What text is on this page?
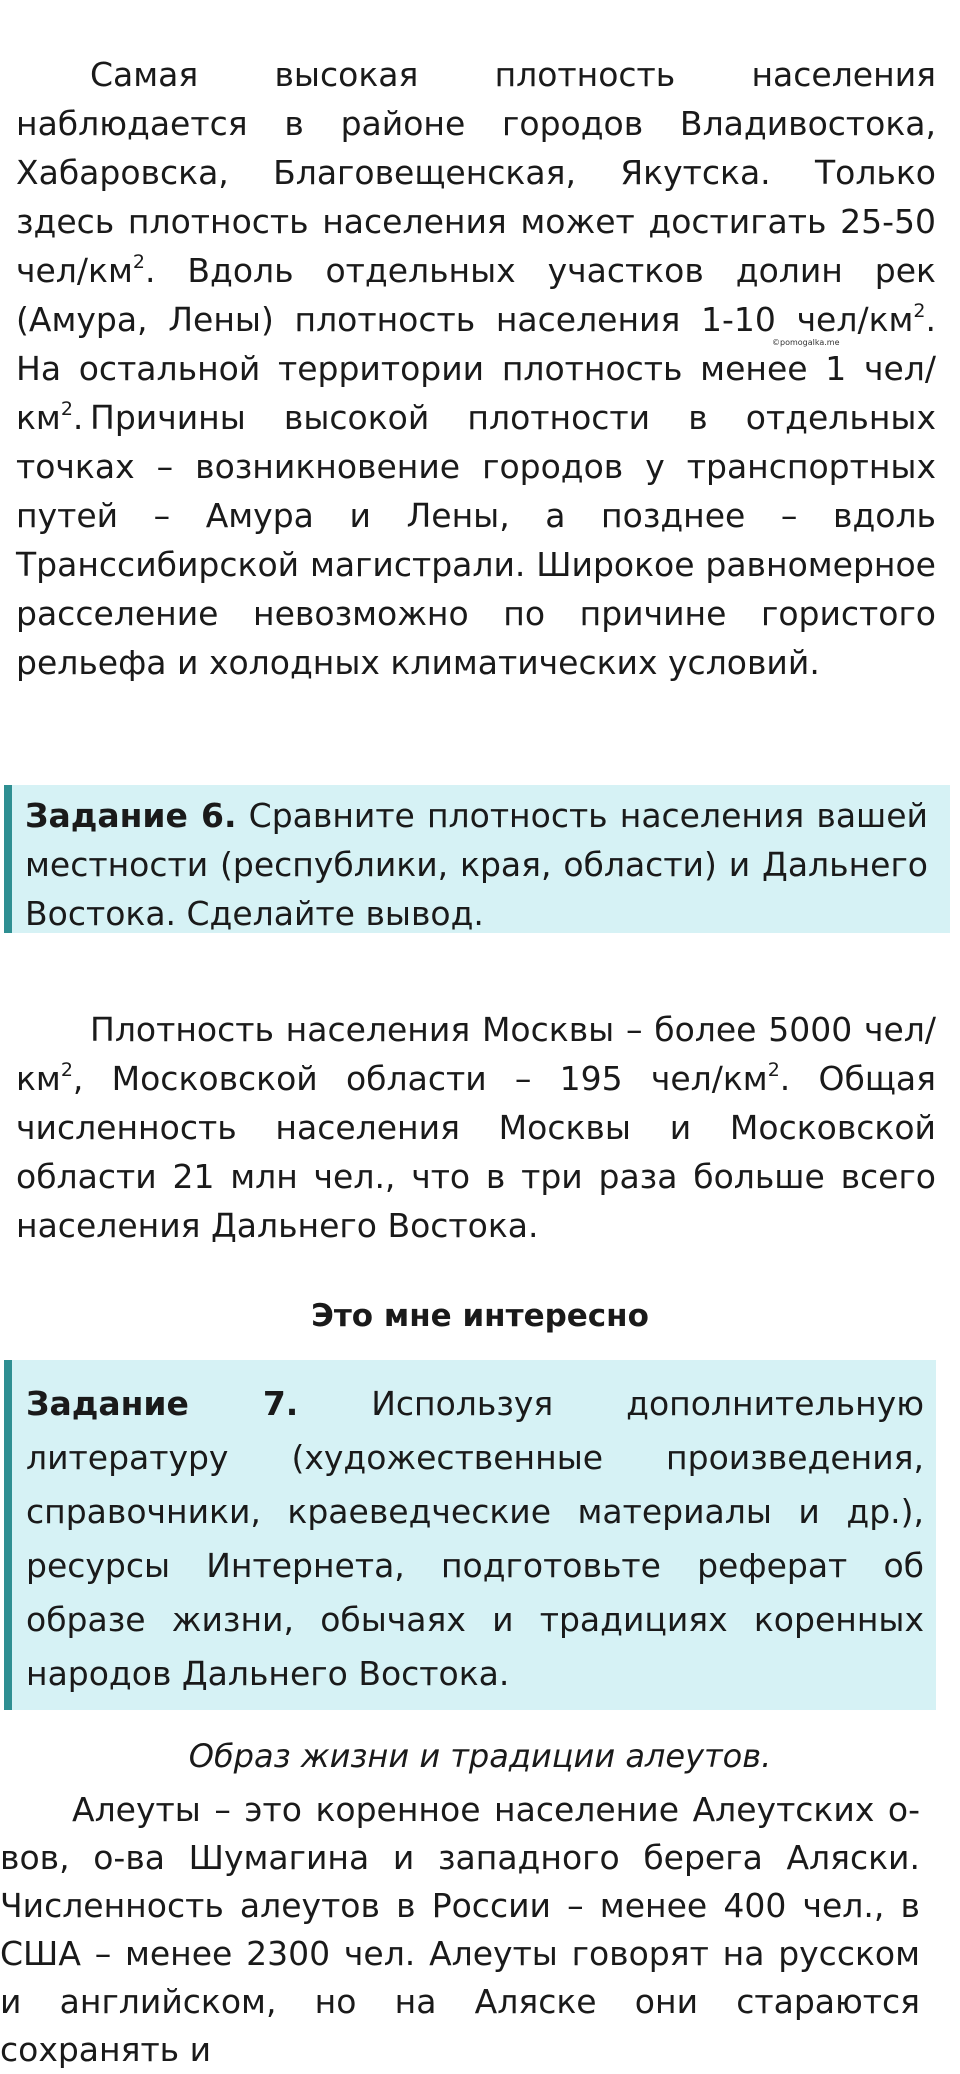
Самая высокая плотность населения наблюдается в районе городов Владивостока, Хабаровска, Благовещенская, Якутска. Только здесь плотность населения может достигать 25-50 чел/$км^2$. Вдоль отдельных участков долин рек (Амура, Лены) плотность населения 1-10 чел/$км^2$. На остальной территории плотность менее 1 чел/$км^2$.

©pomogalka.me

Причины высокой плотности в отдельных точках – возникновение городов у транспортных путей – Амура и Лены, а позднее – вдоль Транссибирской магистрали. Широкое равномерное расселение невозможно по причине гористого рельефа и холодных климатических условий.

Задание 6. Сравните плотность населения вашей местности (республики, края, области) и Дальнего Востока. Сделайте вывод.

Плотность населения Москвы – более 5000 чел/$км^2$, Московской области – 195 чел/$км^2$. Общая численность населения Москвы и Московской области 21 млн чел., что в три раза больше всего населения Дальнего Востока.

Это мне интересно

Задание 7. Используя дополнительную литературу (художественные произведения, справочники, краеведческие материалы и др.), ресурсы Интернета, подготовьте реферат об образе жизни, обычаях и традициях коренных народов Дальнего Востока.

Образ жизни и традиции алеутов.

Алеуты – это коренное население Алеутских о-вов, о-ва Шумагина и западного берега Аляски. Численность алеутов в России – менее 400 чел., в США – менее 2300 чел. Алеуты говорят на русском и английском, но на Аляске они стараются сохранять и
